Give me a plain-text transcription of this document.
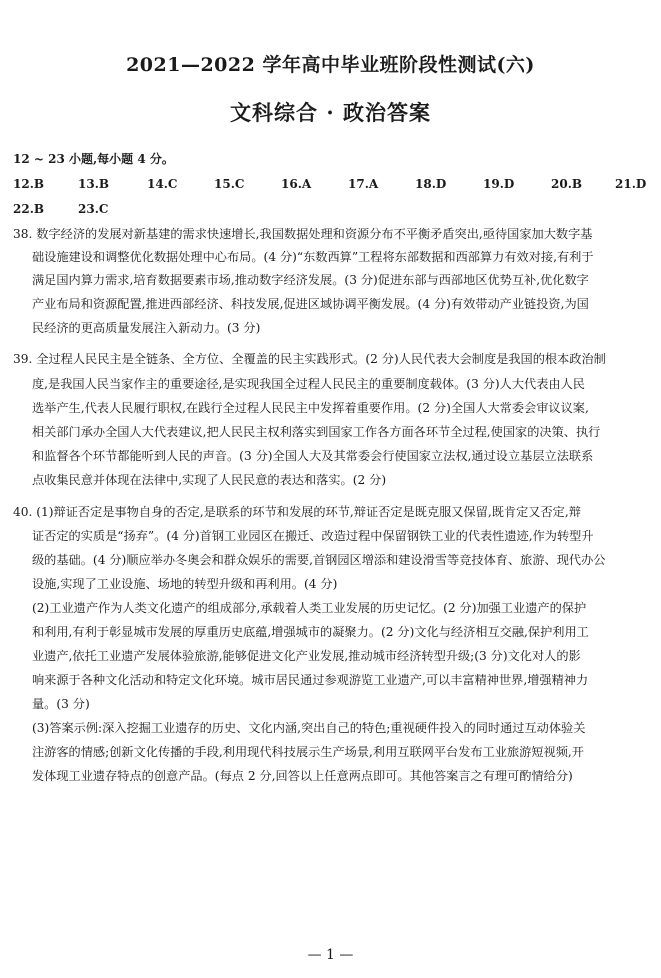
2021—2022 学年高中毕业班阶段性测试(六)
文科综合 · 政治答案
12 ~ 23 小题,每小题 4 分。
12.B	13.B	14.C	15.C	16.A	17.A	18.D	19.D	20.B	21.D
22.B	23.C
38. 数字经济的发展对新基建的需求快速增长,我国数据处理和资源分布不平衡矛盾突出,亟待国家加大数字基
础设施建设和调整优化数据处理中心布局。(4 分)“东数西算”工程将东部数据和西部算力有效对接,有利于
满足国内算力需求,培育数据要素市场,推动数字经济发展。(3 分)促进东部与西部地区优势互补,优化数字
产业布局和资源配置,推进西部经济、科技发展,促进区域协调平衡发展。(4 分)有效带动产业链投资,为国
民经济的更高质量发展注入新动力。(3 分)
39. 全过程人民民主是全链条、全方位、全覆盖的民主实践形式。(2 分)人民代表大会制度是我国的根本政治制
度,是我国人民当家作主的重要途径,是实现我国全过程人民民主的重要制度载体。(3 分)人大代表由人民
选举产生,代表人民履行职权,在践行全过程人民民主中发挥着重要作用。(2 分)全国人大常委会审议议案,
相关部门承办全国人大代表建议,把人民民主权利落实到国家工作各方面各环节全过程,使国家的决策、执行
和监督各个环节都能听到人民的声音。(3 分)全国人大及其常委会行使国家立法权,通过设立基层立法联系
点收集民意并体现在法律中,实现了人民民意的表达和落实。(2 分)
40. (1)辩证否定是事物自身的否定,是联系的环节和发展的环节,辩证否定是既克服又保留,既肯定又否定,辩
证否定的实质是“扬弃”。(4 分)首钢工业园区在搬迁、改造过程中保留钢铁工业的代表性遗迹,作为转型升
级的基础。(4 分)顺应举办冬奥会和群众娱乐的需要,首钢园区增添和建设滑雪等竞技体育、旅游、现代办公
设施,实现了工业设施、场地的转型升级和再利用。(4 分)
(2)工业遗产作为人类文化遗产的组成部分,承载着人类工业发展的历史记忆。(2 分)加强工业遗产的保护
和利用,有利于彰显城市发展的厚重历史底蕴,增强城市的凝聚力。(2 分)文化与经济相互交融,保护利用工
业遗产,依托工业遗产发展体验旅游,能够促进文化产业发展,推动城市经济转型升级;(3 分)文化对人的影
响来源于各种文化活动和特定文化环境。城市居民通过参观游览工业遗产,可以丰富精神世界,增强精神力
量。(3 分)
(3)答案示例:深入挖掘工业遗存的历史、文化内涵,突出自己的特色;重视硬件投入的同时通过互动体验关
注游客的情感;创新文化传播的手段,利用现代科技展示生产场景,利用互联网平台发布工业旅游短视频,开
发体现工业遗存特点的创意产品。(每点 2 分,回答以上任意两点即可。其他答案言之有理可酌情给分)
— 1 —
